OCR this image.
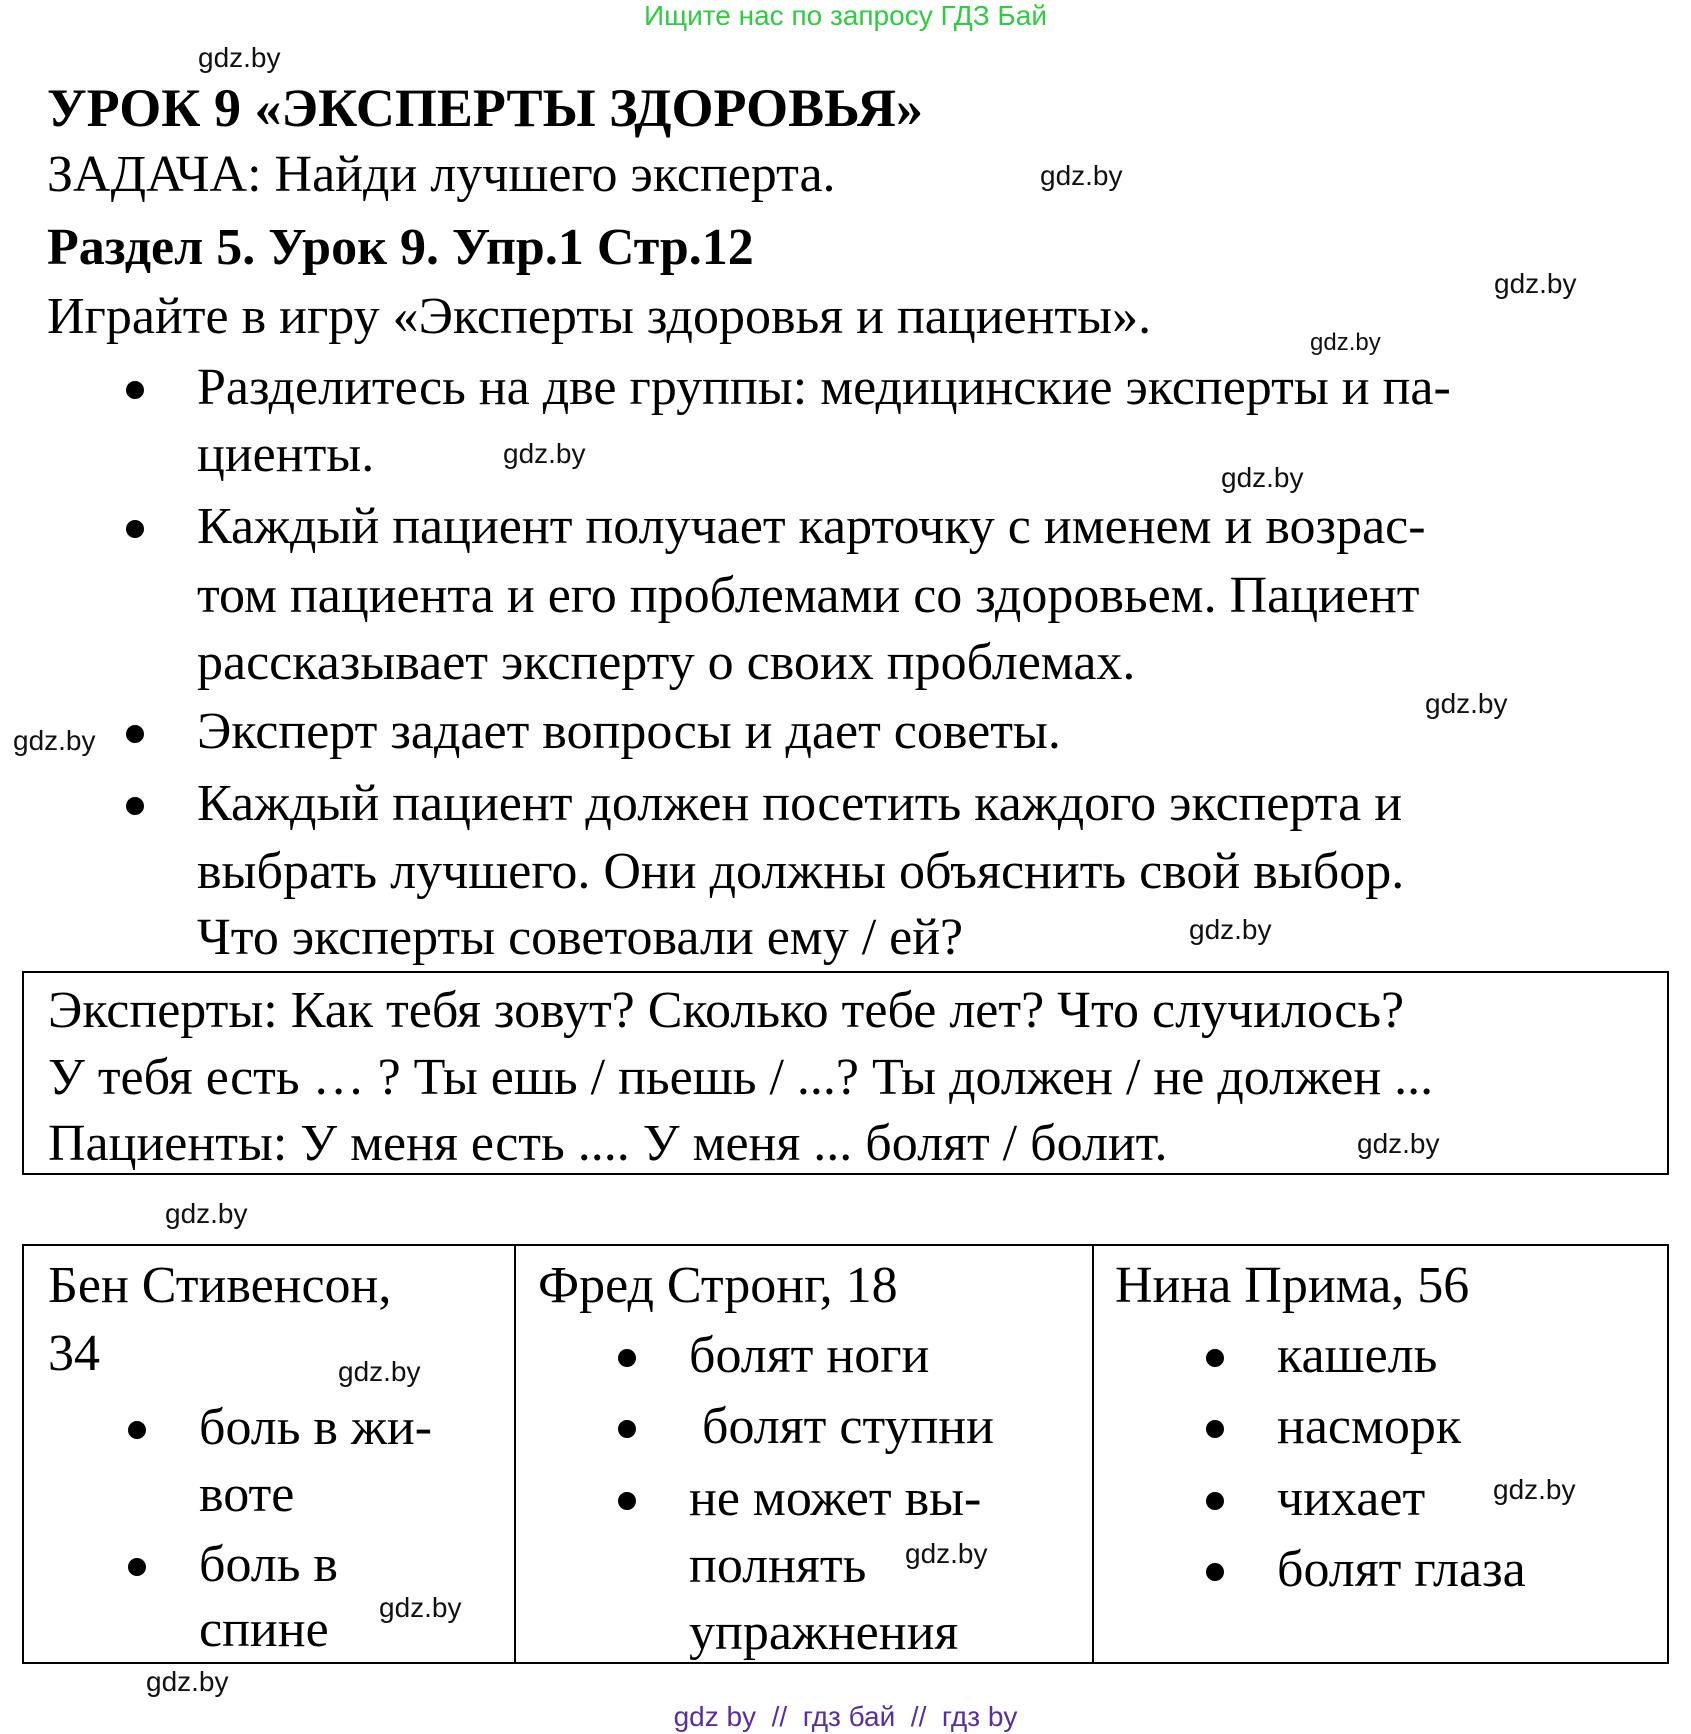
Ищите нас по запросу ГДЗ Бай
УРОК 9 «ЭКСПЕРТЫ ЗДОРОВЬЯ»
ЗАДАЧА: Найди лучшего эксперта.
Раздел 5. Урок 9. Упр.1 Стр.12
Играйте в игру «Эксперты здоровья и пациенты».
Разделитесь на две группы: медицинские эксперты и па-
циенты.
Каждый пациент получает карточку с именем и возрас-
том пациента и его проблемами со здоровьем. Пациент
рассказывает эксперту о своих проблемах.
Эксперт задает вопросы и дает советы.
Каждый пациент должен посетить каждого эксперта и
выбрать лучшего. Они должны объяснить свой выбор.
Что эксперты советовали ему / ей?
Эксперты: Как тебя зовут? Сколько тебе лет? Что случилось?
У тебя есть … ? Ты ешь / пьешь / ...? Ты должен / не должен ...
Пациенты: У меня есть .... У меня ... болят / болит.
Бен Стивенсон,
34
боль в жи-
воте
боль в
спине
Фред Стронг, 18
болят ноги
болят ступни
не может вы-
полнять
упражнения
Нина Прима, 56
кашель
насморк
чихает
болят глаза
gdz.by
gdz.by
gdz.by
gdz.by
gdz.by
gdz.by
gdz.by
gdz.by
gdz.by
gdz.by
gdz.by
gdz.by
gdz.by
gdz.by
gdz.by
gdz.by
gdz by  //  гдз бай  //  гдз by
